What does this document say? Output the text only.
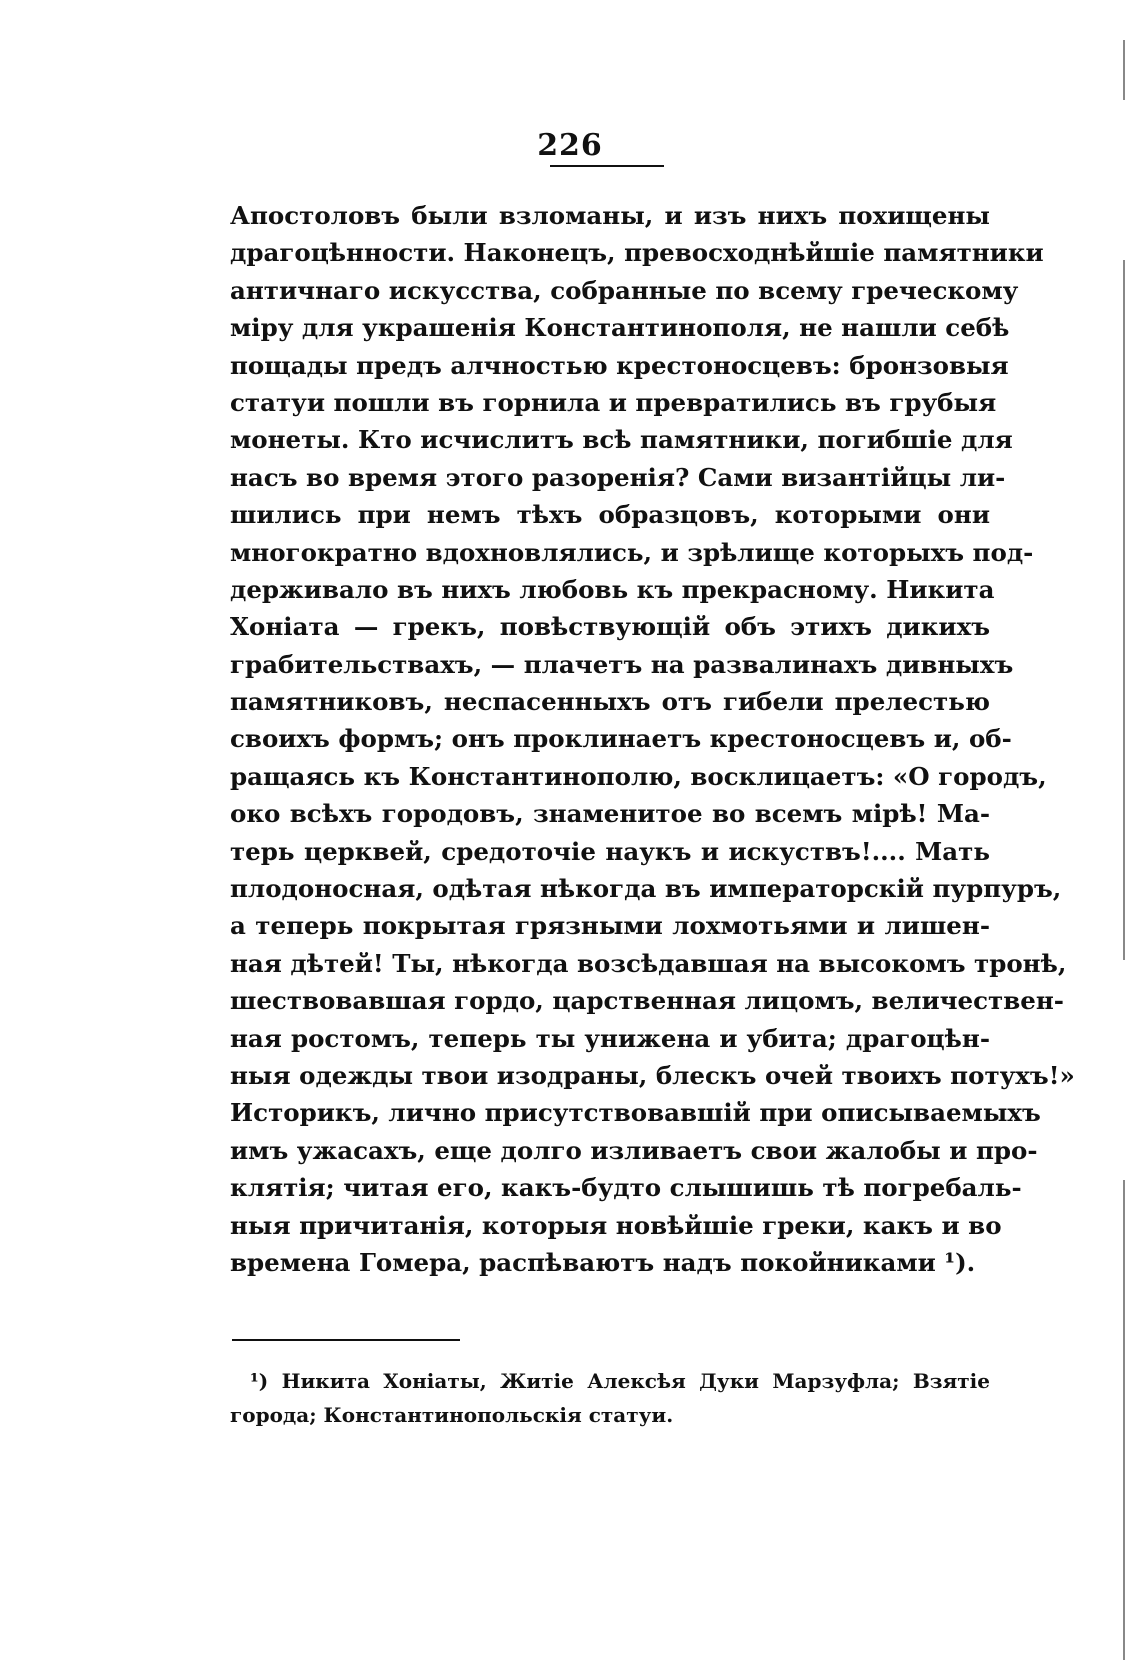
226
Апостоловъ были взломаны, и изъ нихъ похищены
драгоцѣнности. Наконецъ, превосходнѣйшіе памятники
античнаго искусства, собранные по всему греческому
міру для украшенія Константинополя, не нашли себѣ
пощады предъ алчностью крестоносцевъ: бронзовыя
статуи пошли въ горнила и превратились въ грубыя
монеты. Кто исчислитъ всѣ памятники, погибшіе для
насъ во время этого разоренія? Сами византійцы ли-
шились при немъ тѣхъ образцовъ, которыми они
многократно вдохновлялись, и зрѣлище которыхъ под-
держивало въ нихъ любовь къ прекрасному. Никита
Хоніата — грекъ, повѣствующій объ этихъ дикихъ
грабительствахъ, — плачетъ на развалинахъ дивныхъ
памятниковъ, неспасенныхъ отъ гибели прелестью
своихъ формъ; онъ проклинаетъ крестоносцевъ и, об-
ращаясь къ Константинополю, восклицаетъ: «О городъ,
око всѣхъ городовъ, знаменитое во всемъ мірѣ! Ма-
терь церквей, средоточіе наукъ и искуствъ!.... Мать
плодоносная, одѣтая нѣкогда въ императорскій пурпуръ,
а теперь покрытая грязными лохмотьями и лишен-
ная дѣтей! Ты, нѣкогда возсѣдавшая на высокомъ тронѣ,
шествовавшая гордо, царственная лицомъ, величествен-
ная ростомъ, теперь ты унижена и убита; драгоцѣн-
ныя одежды твои изодраны, блескъ очей твоихъ потухъ!»
Историкъ, лично присутствовавшій при описываемыхъ
имъ ужасахъ, еще долго изливаетъ свои жалобы и про-
клятія; читая его, какъ-будто слышишь тѣ погребаль-
ныя причитанія, которыя новѣйшіе греки, какъ и во
времена Гомера, распѣваютъ надъ покойниками ¹).
¹) Никита Хоніаты, Житіе Алексѣя Дуки Марзуфла; Взятіе
города; Константинопольскія статуи.
